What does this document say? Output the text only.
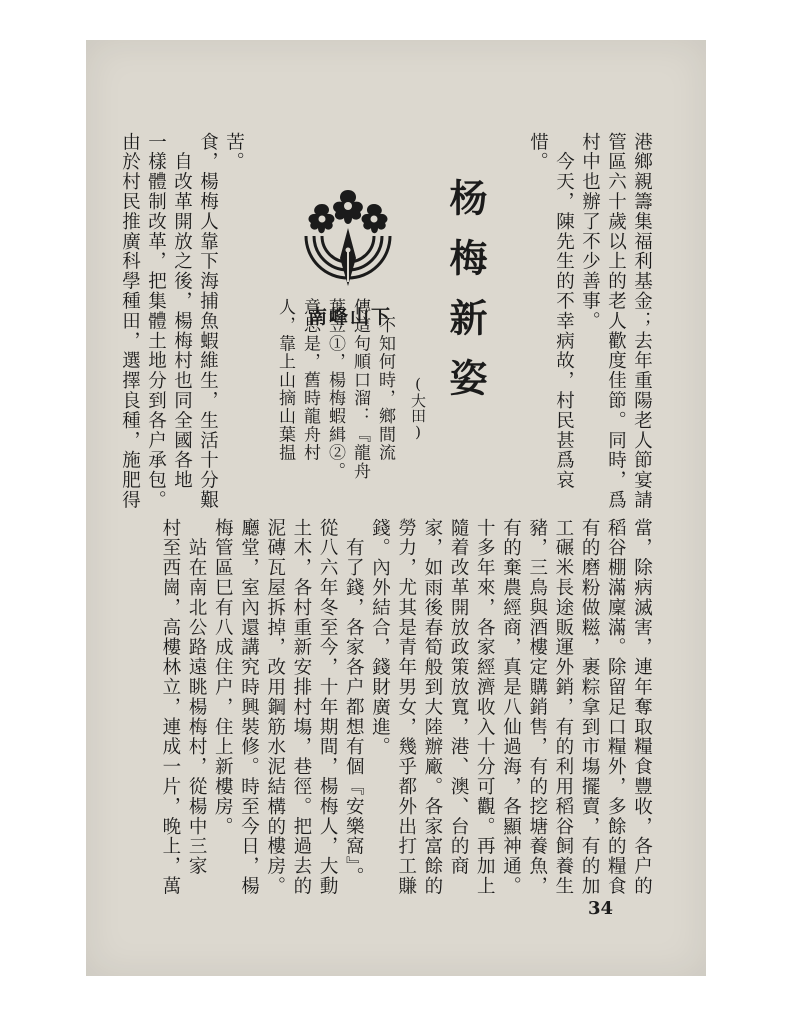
港鄉親籌集福利基金；去年重陽老人節宴請
管區六十歲以上的老人歡度佳節。同時，爲
村中也辦了不少善事。
　今天，陳先生的不幸病故，村民甚爲哀
惜。
杨梅新姿
(大田)
南峰山下
　不知何時，鄉間流
傳這句順口溜：『龍舟
葉笠①，楊梅蝦緝②。
意思是，舊時龍舟村
人，靠上山摘山葉揾
苦。
食，楊梅人靠下海捕魚蝦維生，生活十分艱
　自改革開放之後，楊梅村也同全國各地
一樣體制改革，把集體土地分到各户承包。
由於村民推廣科學種田，選擇良種，施肥得
當，除病滅害，連年奪取糧食豐收，各户的
稻谷棚滿廩滿。除留足口糧外，多餘的糧食
有的磨粉做糍，裹粽拿到市塲擺賣，有的加
工碾米長途販運外銷，有的利用稻谷飼養生
豬，三鳥與酒樓定購銷售，有的挖塘養魚，
有的棄農經商，真是八仙過海，各顯神通。
十多年來，各家經濟收入十分可觀。再加上
隨着改革開放政策放寬，港、澳、台的商
家，如雨後春筍般到大陸辦廠。各家富餘的
勞力，尤其是青年男女，幾乎都外出打工賺
錢。內外結合，錢財廣進。
　有了錢，各家各户都想有個『安樂窩』。
從八六年冬至今，十年期間，楊梅人，大動
土木，各村重新安排村塲，巷徑。把過去的
泥磚瓦屋拆掉，改用鋼筋水泥結構的樓房。
廳堂，室內還講究時興裝修。時至今日，楊
梅管區巳有八成住户，住上新樓房。
　站在南北公路遠眺楊梅村，從楊中三家
村至西崗，高樓林立，連成一片，晚上，萬
34
